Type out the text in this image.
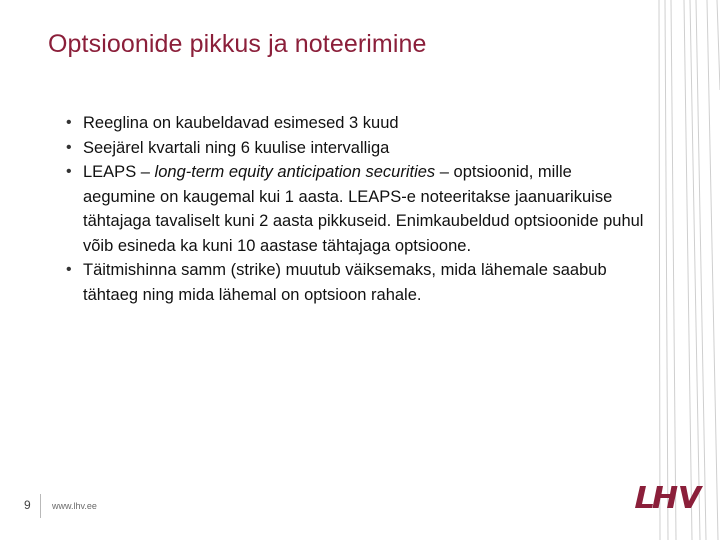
Optsioonide pikkus ja noteerimine
• Reeglina on kaubeldavad esimesed 3 kuud
• Seejärel kvartali ning 6 kuulise intervalliga
• LEAPS – long-term equity anticipation securities – optsioonid, mille aegumine on kaugemal kui 1 aasta. LEAPS-e noteeritakse jaanuarikuise tähtajaga tavaliselt kuni 2 aasta pikkuseid. Enimkaubeldud optsioonide puhul võib esineda ka kuni 10 aastase tähtajaga optsioone.
• Täitmishinna samm (strike) muutub väiksemaks, mida lähemale saabub tähtaeg ning mida lähemal on optsioon rahale.
9 www.lhv.ee
